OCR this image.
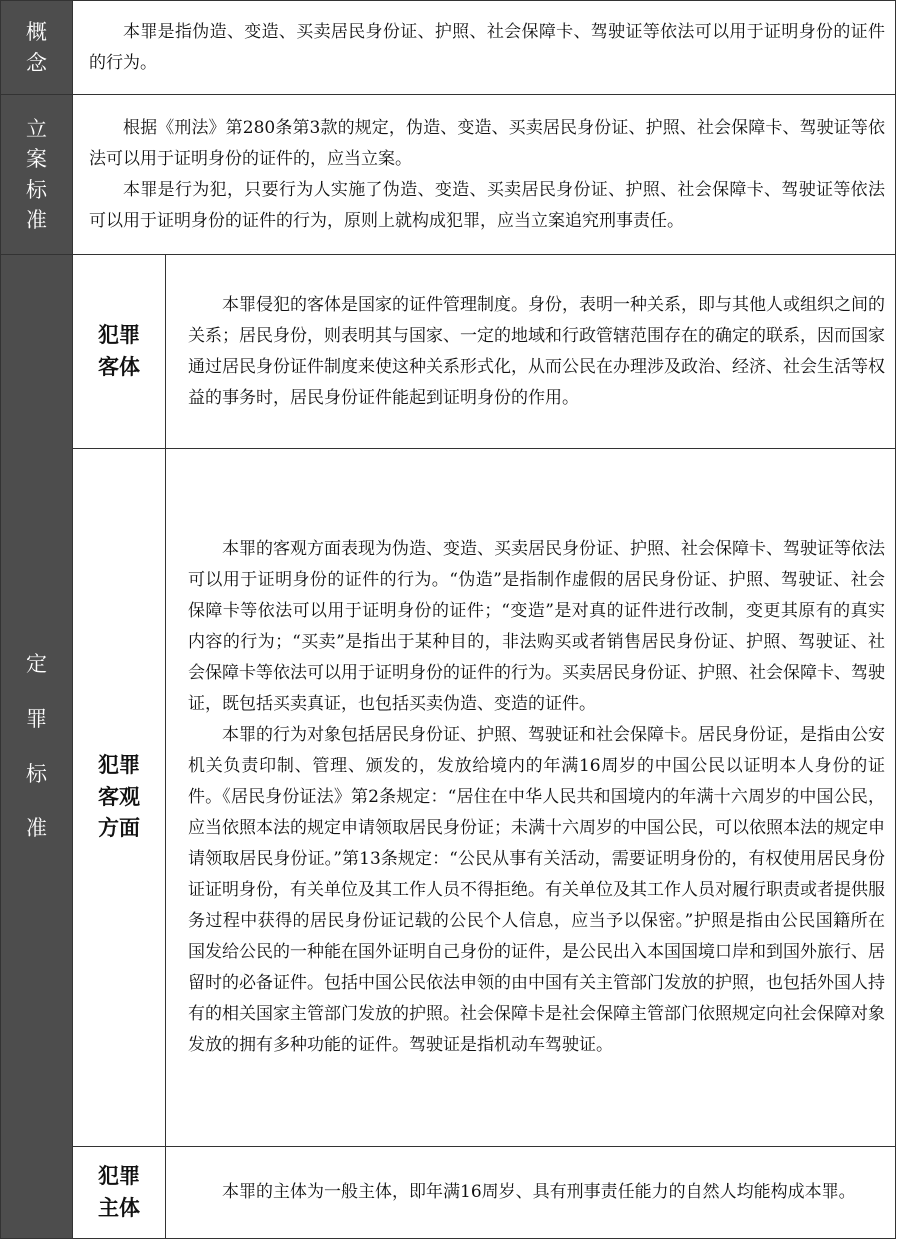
概念	本罪是指伪造、变造、买卖居民身份证、护照、社会保障卡、驾驶证等依法可以用于证明身份的证件的行为。	

立案标准	根据《刑法》第280条第3款的规定，伪造、变造、买卖居民身份证、护照、社会保障卡、驾驶证等依法可以用于证明身份的证件的，应当立案。

本罪是行为犯，只要行为人实施了伪造、变造、买卖居民身份证、护照、社会保障卡、驾驶证等依法可以用于证明身份的证件的行为，原则上就构成犯罪，应当立案追究刑事责任。	

定罪标准	犯罪客体	本罪侵犯的客体是国家的证件管理制度。身份，表明一种关系，即与其他人或组织之间的关系；居民身份，则表明其与国家、一定的地域和行政管辖范围存在的确定的联系，因而国家通过居民身份证件制度来使这种关系形式化，从而公民在办理涉及政治、经济、社会生活等权益的事务时，居民身份证件能起到证明身份的作用。

	犯罪客观方面	本罪的客观方面表现为伪造、变造、买卖居民身份证、护照、社会保障卡、驾驶证等依法可以用于证明身份的证件的行为。“伪造”是指制作虚假的居民身份证、护照、驾驶证、社会保障卡等依法可以用于证明身份的证件；“变造”是对真的证件进行改制，变更其原有的真实内容的行为；“买卖”是指出于某种目的，非法购买或者销售居民身份证、护照、驾驶证、社会保障卡等依法可以用于证明身份的证件的行为。买卖居民身份证、护照、社会保障卡、驾驶证，既包括买卖真证，也包括买卖伪造、变造的证件。

本罪的行为对象包括居民身份证、护照、驾驶证和社会保障卡。居民身份证，是指由公安机关负责印制、管理、颁发的，发放给境内的年满16周岁的中国公民以证明本人身份的证件。《居民身份证法》第2条规定：“居住在中华人民共和国境内的年满十六周岁的中国公民，应当依照本法的规定申请领取居民身份证；未满十六周岁的中国公民，可以依照本法的规定申请领取居民身份证。”第13条规定：“公民从事有关活动，需要证明身份的，有权使用居民身份证证明身份，有关单位及其工作人员不得拒绝。有关单位及其工作人员对履行职责或者提供服务过程中获得的居民身份证记载的公民个人信息，应当予以保密。”护照是指由公民国籍所在国发给公民的一种能在国外证明自己身份的证件，是公民出入本国国境口岸和到国外旅行、居留时的必备证件。包括中国公民依法申领的由中国有关主管部门发放的护照，也包括外国人持有的相关国家主管部门发放的护照。社会保障卡是社会保障主管部门依照规定向社会保障对象发放的拥有多种功能的证件。驾驶证是指机动车驾驶证。

	犯罪主体	本罪的主体为一般主体，即年满16周岁、具有刑事责任能力的自然人均能构成本罪。
